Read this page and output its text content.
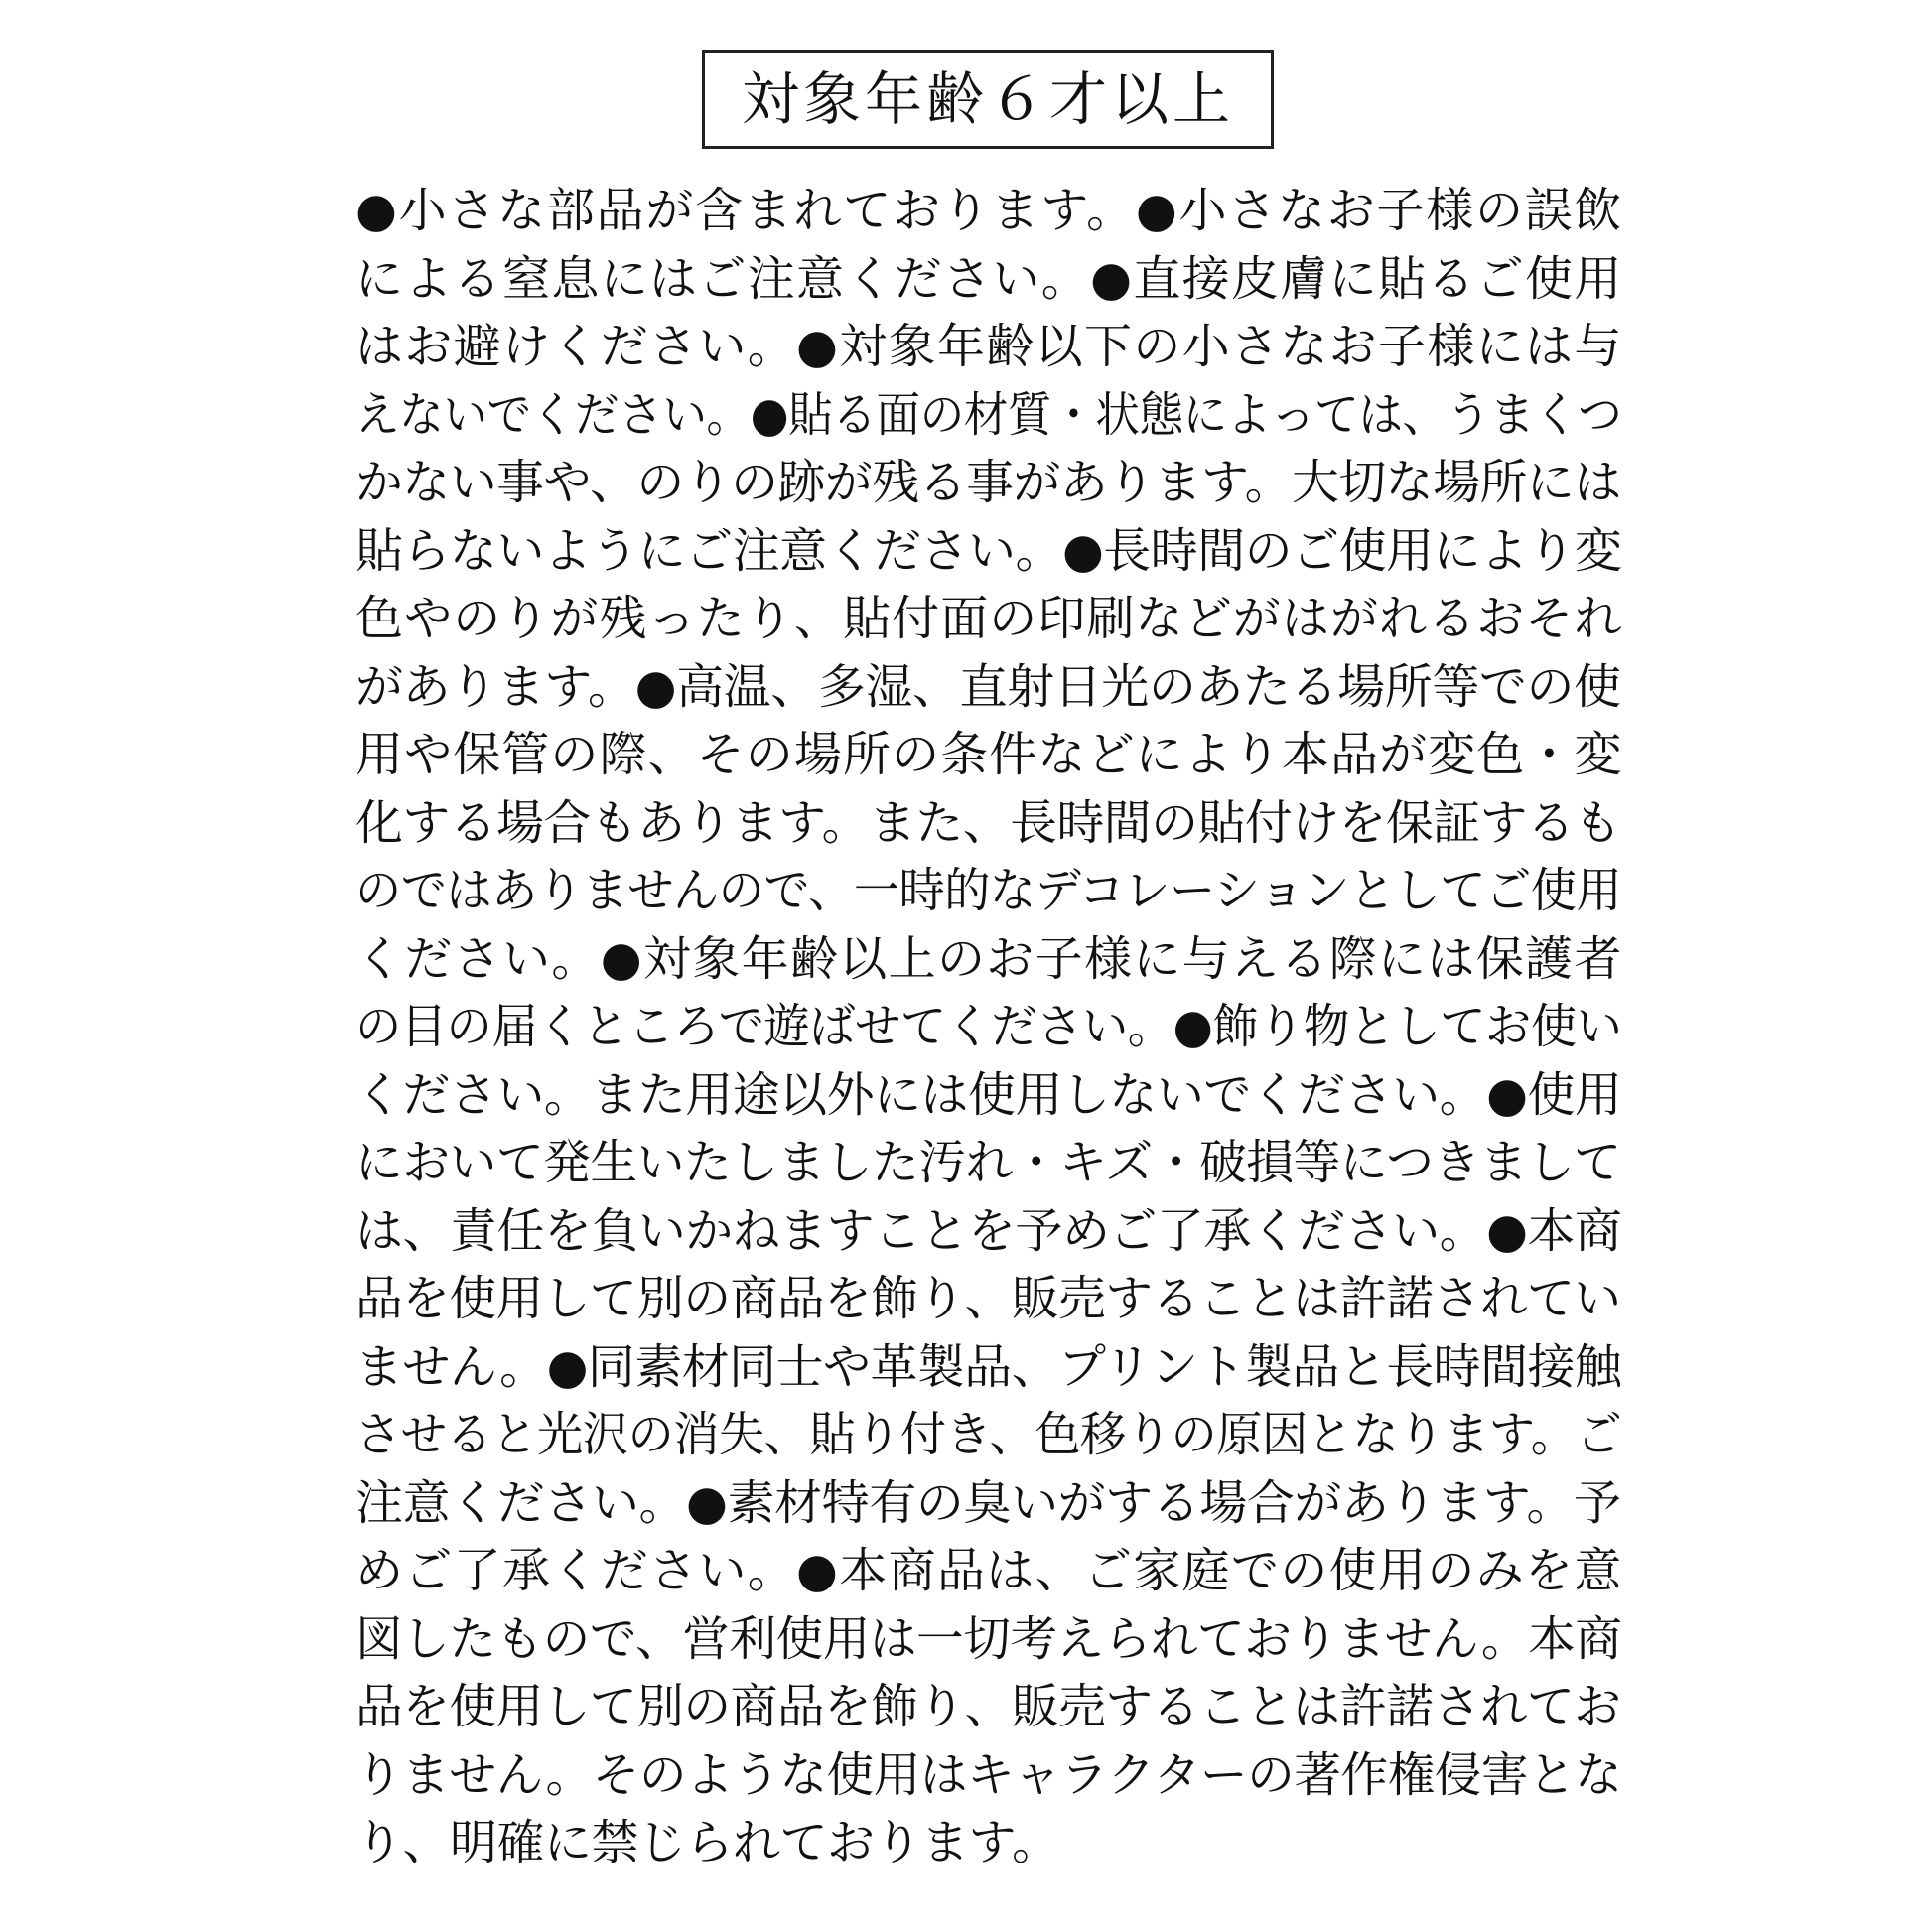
対象年齢６才以上
●小さな部品が含まれております。●小さなお子様の誤飲
による窒息にはご注意ください。●直接皮膚に貼るご使用
はお避けください。●対象年齢以下の小さなお子様には与
えないでください。●貼る面の材質・状態によっては、うまくつ
かない事や、のりの跡が残る事があります。大切な場所には
貼らないようにご注意ください。●長時間のご使用により変
色やのりが残ったり、貼付面の印刷などがはがれるおそれ
があります。●高温、多湿、直射日光のあたる場所等での使
用や保管の際、その場所の条件などにより本品が変色・変
化する場合もあります。また、長時間の貼付けを保証するも
のではありませんので、一時的なデコレーションとしてご使用
ください。●対象年齢以上のお子様に与える際には保護者
の目の届くところで遊ばせてください。●飾り物としてお使い
ください。また用途以外には使用しないでください。●使用
において発生いたしました汚れ・キズ・破損等につきまして
は、責任を負いかねますことを予めご了承ください。●本商
品を使用して別の商品を飾り、販売することは許諾されてい
ません。●同素材同士や革製品、プリント製品と長時間接触
させると光沢の消失、貼り付き、色移りの原因となります。ご
注意ください。●素材特有の臭いがする場合があります。予
めご了承ください。●本商品は、ご家庭での使用のみを意
図したもので、営利使用は一切考えられておりません。本商
品を使用して別の商品を飾り、販売することは許諾されてお
りません。そのような使用はキャラクターの著作権侵害とな
り、明確に禁じられております。
